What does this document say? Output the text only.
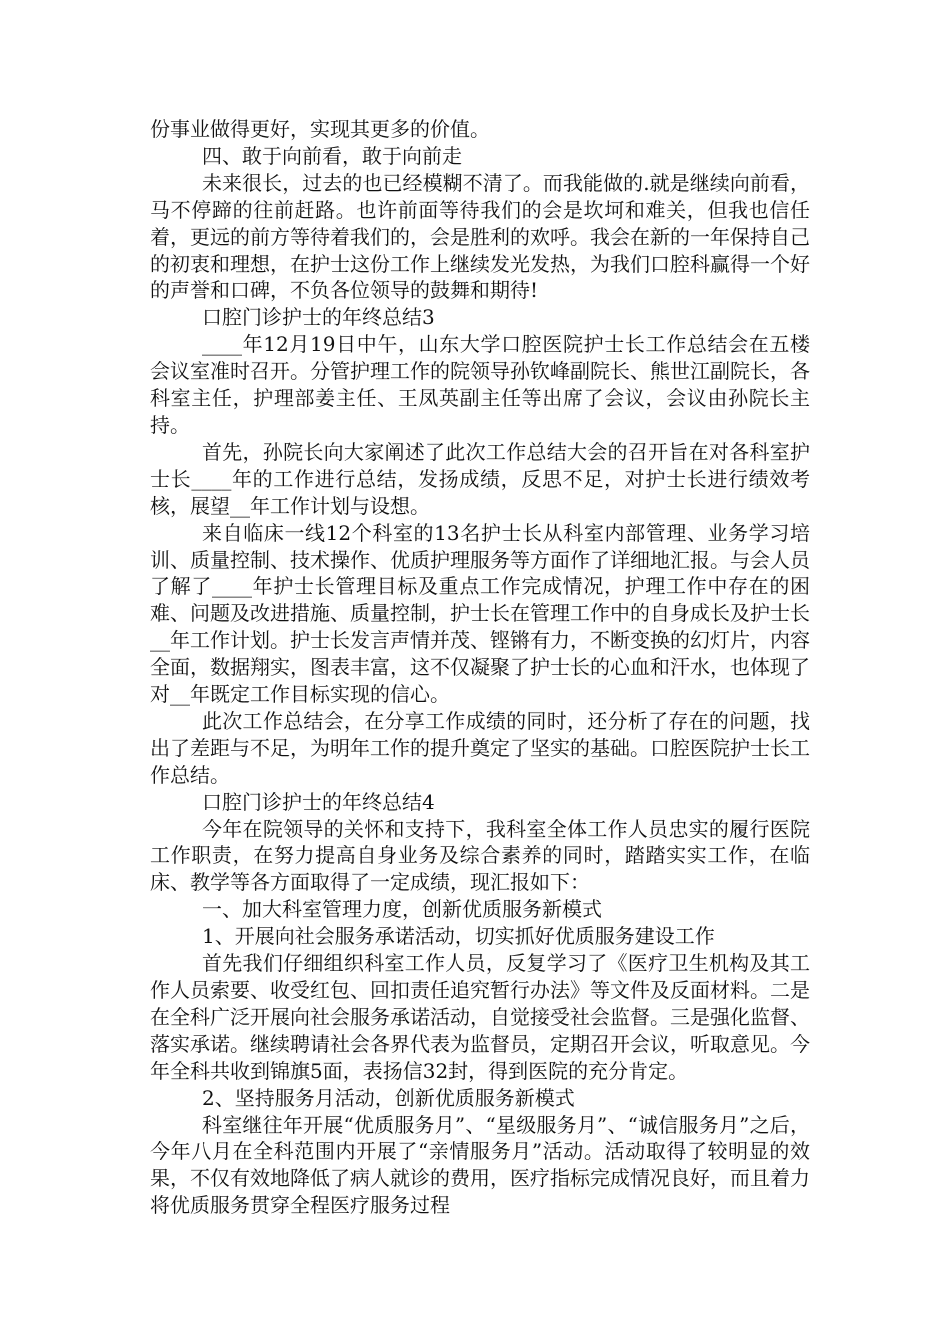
份事业做得更好，实现其更多的价值。

四、敢于向前看，敢于向前走

未来很长，过去的也已经模糊不清了。而我能做的.就是继续向前看，马不停蹄的往前赶路。也许前面等待我们的会是坎坷和难关，但我也信任着，更远的前方等待着我们的，会是胜利的欢呼。我会在新的一年保持自己的初衷和理想，在护士这份工作上继续发光发热，为我们口腔科赢得一个好的声誉和口碑，不负各位领导的鼓舞和期待!

口腔门诊护士的年终总结3

____年12月19日中午，山东大学口腔医院护士长工作总结会在五楼会议室准时召开。分管护理工作的院领导孙钦峰副院长、熊世江副院长，各科室主任，护理部姜主任、王凤英副主任等出席了会议，会议由孙院长主持。

首先，孙院长向大家阐述了此次工作总结大会的召开旨在对各科室护士长____年的工作进行总结，发扬成绩，反思不足，对护士长进行绩效考核，展望__年工作计划与设想。

来自临床一线12个科室的13名护士长从科室内部管理、业务学习培训、质量控制、技术操作、优质护理服务等方面作了详细地汇报。与会人员了解了____年护士长管理目标及重点工作完成情况，护理工作中存在的困难、问题及改进措施、质量控制，护士长在管理工作中的自身成长及护士长__年工作计划。护士长发言声情并茂、铿锵有力，不断变换的幻灯片，内容全面，数据翔实，图表丰富，这不仅凝聚了护士长的心血和汗水，也体现了对__年既定工作目标实现的信心。

此次工作总结会，在分享工作成绩的同时，还分析了存在的问题，找出了差距与不足，为明年工作的提升奠定了坚实的基础。口腔医院护士长工作总结。

口腔门诊护士的年终总结4

今年在院领导的关怀和支持下，我科室全体工作人员忠实的履行医院工作职责，在努力提高自身业务及综合素养的同时，踏踏实实工作，在临床、教学等各方面取得了一定成绩，现汇报如下：

一、加大科室管理力度，创新优质服务新模式

1、开展向社会服务承诺活动，切实抓好优质服务建设工作

首先我们仔细组织科室工作人员，反复学习了《医疗卫生机构及其工作人员索要、收受红包、回扣责任追究暂行办法》等文件及反面材料。二是在全科广泛开展向社会服务承诺活动，自觉接受社会监督。三是强化监督、落实承诺。继续聘请社会各界代表为监督员，定期召开会议，听取意见。今年全科共收到锦旗5面，表扬信32封，得到医院的充分肯定。

2、坚持服务月活动，创新优质服务新模式

科室继往年开展“优质服务月”、“星级服务月”、“诚信服务月”之后，今年八月在全科范围内开展了“亲情服务月”活动。活动取得了较明显的效果，不仅有效地降低了病人就诊的费用，医疗指标完成情况良好，而且着力将优质服务贯穿全程医疗服务过程
